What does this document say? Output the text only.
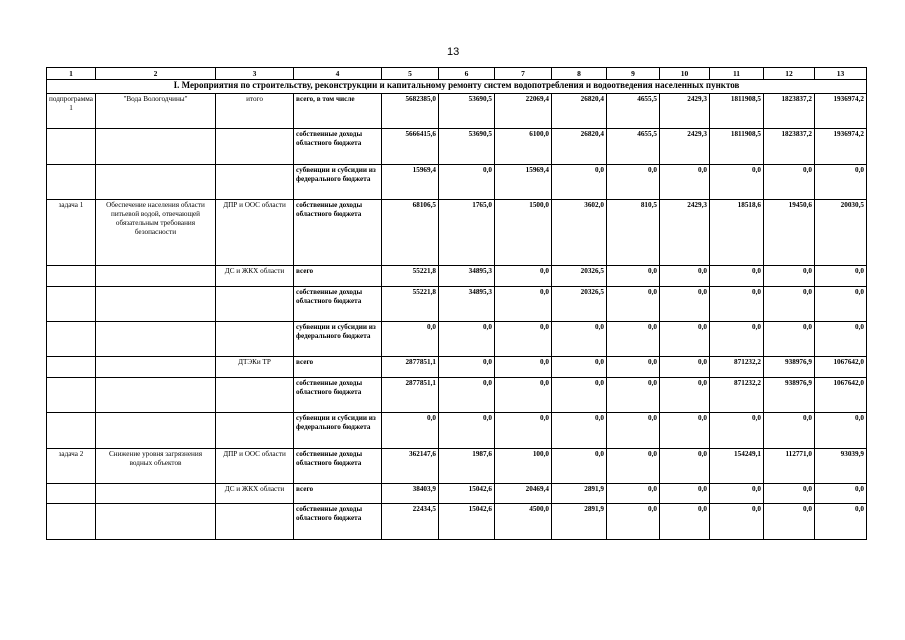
13
1	2	3	4	5	6	7	8	9	10	11	12	13
I. Мероприятия по строительству, реконструкции и капитальному ремонту систем водопотребления и водоотведения населенных пунктов												
подпрограмма 1	"Вода Вологодчины"	итого	всего, в том числе	5682385,0	53690,5	22069,4	26820,4	4655,5	2429,3	1811908,5	1823837,2	1936974,2
			собственные доходы областного бюджета	5666415,6	53690,5	6100,0	26820,4	4655,5	2429,3	1811908,5	1823837,2	1936974,2
			субвенции и субсидии из федерального бюджета	15969,4	0,0	15969,4	0,0	0,0	0,0	0,0	0,0	0,0
задача 1	Обеспечение населения области питьевой водой, отвечающей обязательным требования безопасности	ДПР и ООС области	собственные доходы областного бюджета	68106,5	1765,0	1500,0	3602,0	810,5	2429,3	18518,6	19450,6	20030,5
		ДС и ЖКХ области	всего	55221,8	34895,3	0,0	20326,5	0,0	0,0	0,0	0,0	0,0
			собственные доходы областного бюджета	55221,8	34895,3	0,0	20326,5	0,0	0,0	0,0	0,0	0,0
			субвенции и субсидии из федерального бюджета	0,0	0,0	0,0	0,0	0,0	0,0	0,0	0,0	0,0
		ДТЭКи ТР	всего	2877851,1	0,0	0,0	0,0	0,0	0,0	871232,2	938976,9	1067642,0
			собственные доходы областного бюджета	2877851,1	0,0	0,0	0,0	0,0	0,0	871232,2	938976,9	1067642,0
			субвенции и субсидии из федерального бюджета	0,0	0,0	0,0	0,0	0,0	0,0	0,0	0,0	0,0
задача 2	Снижение уровня загрязнения водных объектов	ДПР и ООС области	собственные доходы областного бюджета	362147,6	1987,6	100,0	0,0	0,0	0,0	154249,1	112771,0	93039,9
		ДС и ЖКХ области	всего	38403,9	15042,6	20469,4	2891,9	0,0	0,0	0,0	0,0	0,0
			собственные доходы областного бюджета	22434,5	15042,6	4500,0	2891,9	0,0	0,0	0,0	0,0	0,0
